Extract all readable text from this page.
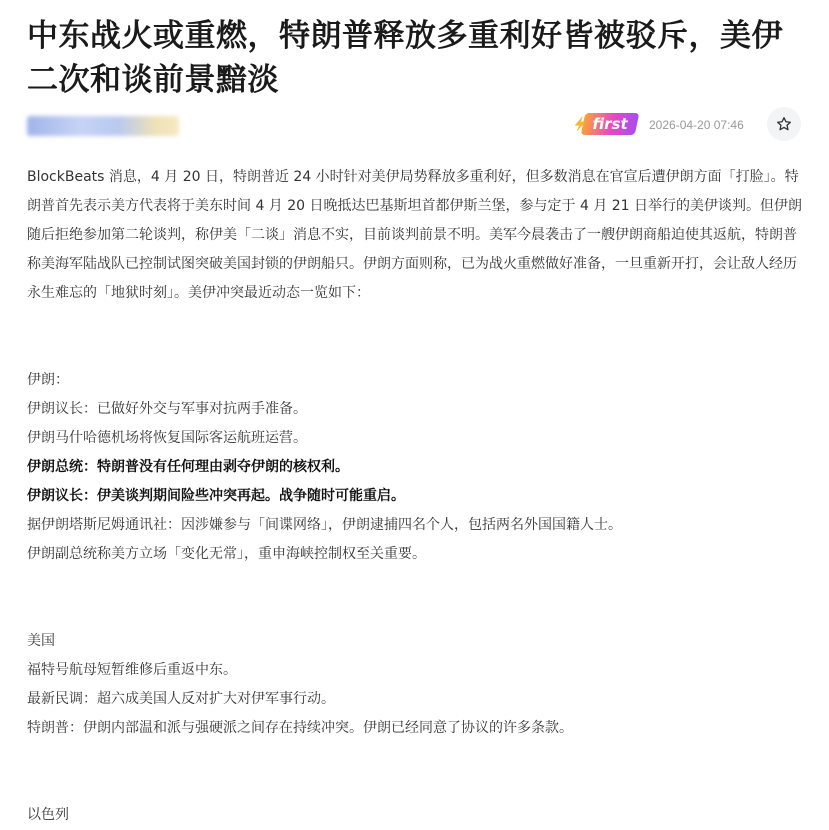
中东战火或重燃，特朗普释放多重利好皆被驳斥，美伊二次和谈前景黯淡
first	2026-04-20 07:46

BlockBeats 消息，4 月 20 日，特朗普近 24 小时针对美伊局势释放多重利好，但多数消息在官宣后遭伊朗方面「打脸」。特朗普首先表示美方代表将于美东时间 4 月 20 日晚抵达巴基斯坦首都伊斯兰堡，参与定于 4 月 21 日举行的美伊谈判。但伊朗随后拒绝参加第二轮谈判，称伊美「二谈」消息不实，目前谈判前景不明。美军今晨袭击了一艘伊朗商船迫使其返航，特朗普称美海军陆战队已控制试图突破美国封锁的伊朗船只。伊朗方面则称，已为战火重燃做好准备，一旦重新开打，会让敌人经历永生难忘的「地狱时刻」。美伊冲突最近动态一览如下：

伊朗：
伊朗议长：已做好外交与军事对抗两手准备。
伊朗马什哈德机场将恢复国际客运航班运营。
伊朗总统：特朗普没有任何理由剥夺伊朗的核权利。
伊朗议长：伊美谈判期间险些冲突再起。战争随时可能重启。
据伊朗塔斯尼姆通讯社：因涉嫌参与「间谍网络」，伊朗逮捕四名个人，包括两名外国国籍人士。
伊朗副总统称美方立场「变化无常」，重申海峡控制权至关重要。
美国
福特号航母短暂维修后重返中东。
最新民调：超六成美国人反对扩大对伊军事行动。
特朗普：伊朗内部温和派与强硬派之间存在持续冲突。伊朗已经同意了协议的许多条款。
以色列
